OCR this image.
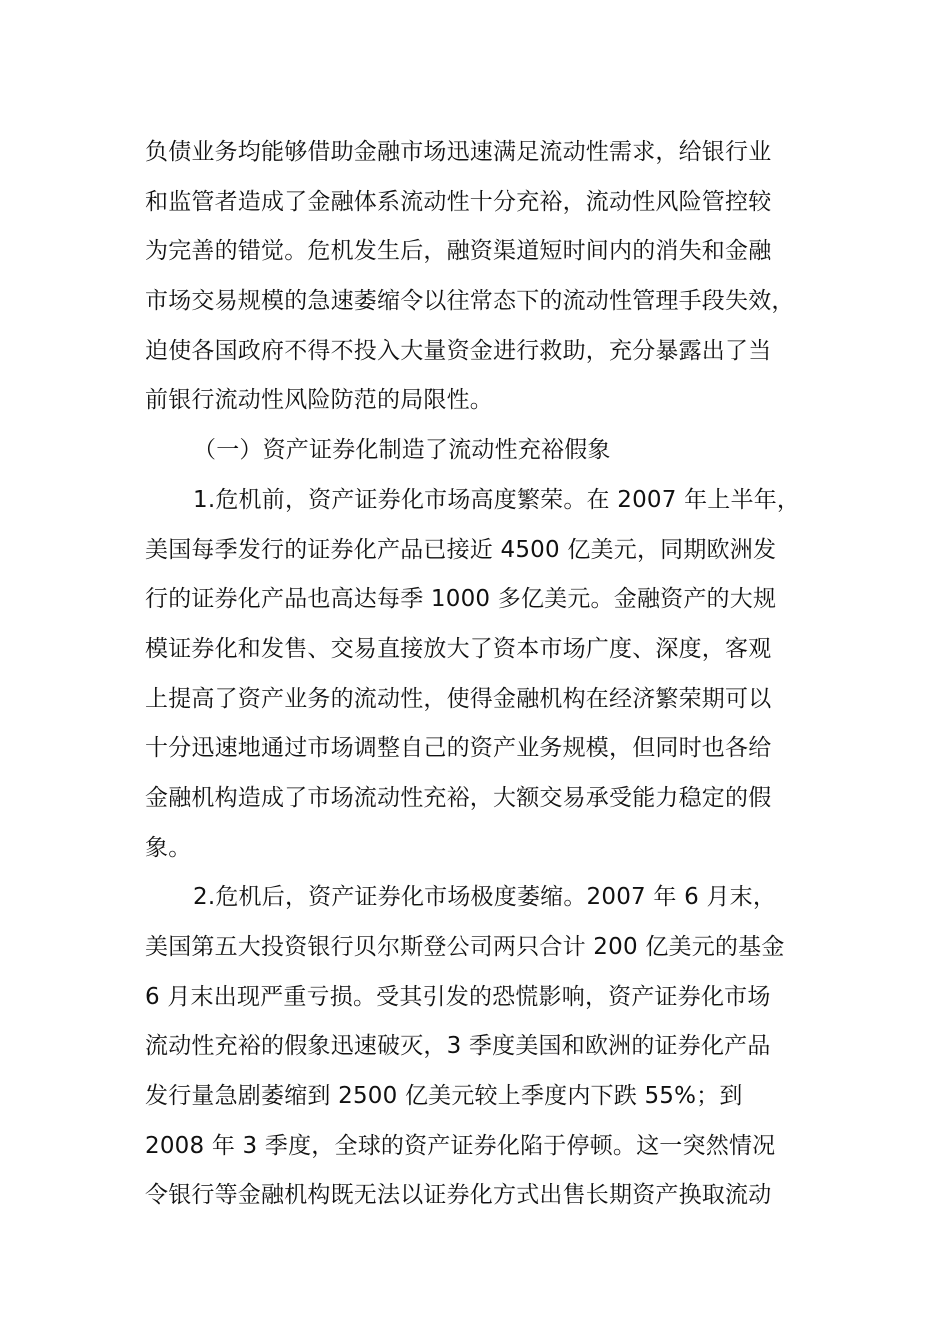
负债业务均能够借助金融市场迅速满足流动性需求，给银行业
和监管者造成了金融体系流动性十分充裕，流动性风险管控较
为完善的错觉。危机发生后，融资渠道短时间内的消失和金融
市场交易规模的急速萎缩令以往常态下的流动性管理手段失效，
迫使各国政府不得不投入大量资金进行救助，充分暴露出了当
前银行流动性风险防范的局限性。
（一）资产证券化制造了流动性充裕假象
1.危机前，资产证券化市场高度繁荣。在 2007 年上半年，
美国每季发行的证券化产品已接近 4500 亿美元，同期欧洲发
行的证券化产品也高达每季 1000 多亿美元。金融资产的大规
模证券化和发售、交易直接放大了资本市场广度、深度，客观
上提高了资产业务的流动性，使得金融机构在经济繁荣期可以
十分迅速地通过市场调整自己的资产业务规模，但同时也各给
金融机构造成了市场流动性充裕，大额交易承受能力稳定的假
象。
2.危机后，资产证券化市场极度萎缩。2007 年 6 月末，
美国第五大投资银行贝尔斯登公司两只合计 200 亿美元的基金
6 月末出现严重亏损。受其引发的恐慌影响，资产证券化市场
流动性充裕的假象迅速破灭，3 季度美国和欧洲的证券化产品
发行量急剧萎缩到 2500 亿美元较上季度内下跌 55%；到
2008 年 3 季度，全球的资产证券化陷于停顿。这一突然情况
令银行等金融机构既无法以证券化方式出售长期资产换取流动
